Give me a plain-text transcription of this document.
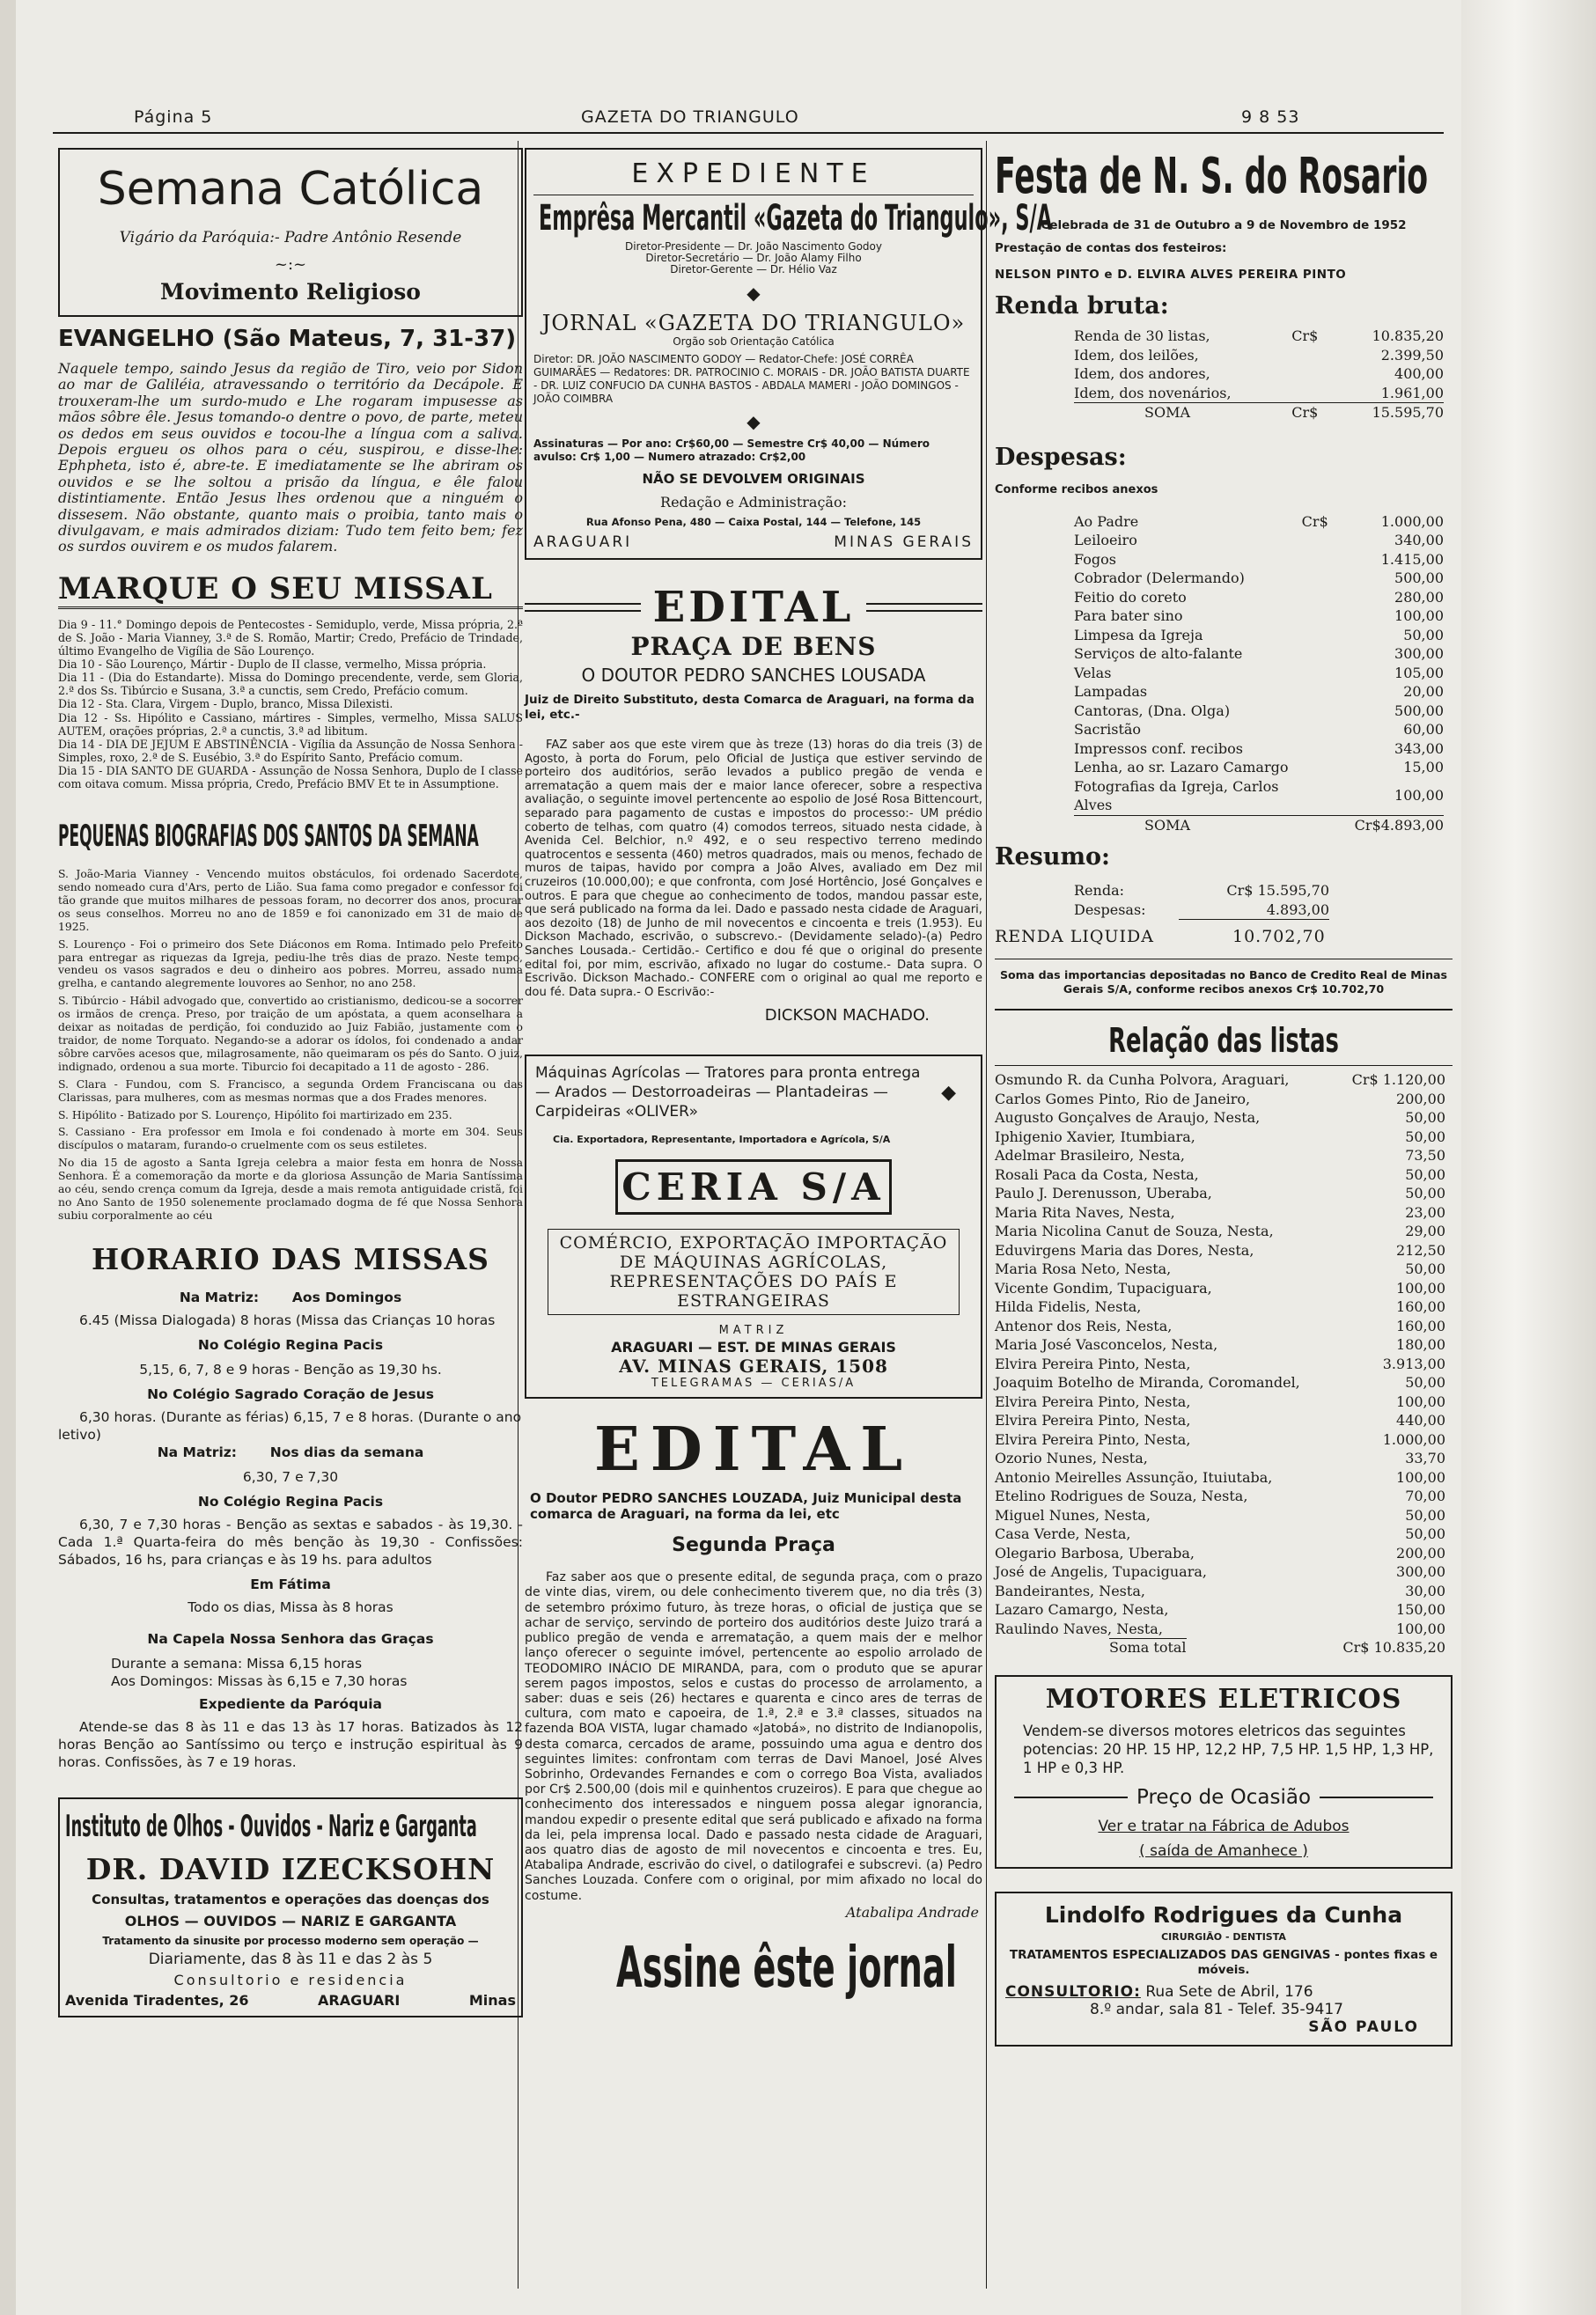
Página 5	GAZETA DO TRIANGULO	9 8 53
Semana Católica
Vigário da Paróquia:- Padre Antônio Resende
~:~
Movimento Religioso
EVANGELHO (São Mateus, 7, 31-37)

Naquele tempo, saindo Jesus da região de Tiro, veio por Sidon ao mar de Galiléia, atravessando o território da Decápole. E trouxeram-lhe um surdo-mudo e Lhe rogaram impusesse as mãos sôbre êle. Jesus tomando-o dentre o povo, de parte, meteu os dedos em seus ouvidos e tocou-lhe a língua com a saliva. Depois ergueu os olhos para o céu, suspirou, e disse-lhe: Ephpheta, isto é, abre-te. E imediatamente se lhe abriram os ouvidos e se lhe soltou a prisão da língua, e êle falou distintiamente. Então Jesus lhes ordenou que a ninguém o dissesem. Não obstante, quanto mais o proibia, tanto mais o divulgavam, e mais admirados diziam: Tudo tem feito bem; fez os surdos ouvirem e os mudos falarem.

MARQUE O SEU MISSAL

Dia 9 - 11.° Domingo depois de Pentecostes - Semiduplo, verde, Missa própria, 2.ª de S. João - Maria Vianney, 3.ª de S. Romão, Martir; Credo, Prefácio de Trindade, último Evangelho de Vigília de São Lourenço.

Dia 10 - São Lourenço, Mártir - Duplo de II classe, vermelho, Missa própria.

Dia 11 - (Dia do Estandarte). Missa do Domingo precendente, verde, sem Gloria, 2.ª dos Ss. Tibúrcio e Susana, 3.ª a cunctis, sem Credo, Prefácio comum.

Dia 12 - Sta. Clara, Virgem - Duplo, branco, Missa Dilexisti.

Dia 12 - Ss. Hipólito e Cassiano, mártires - Simples, vermelho, Missa SALUS AUTEM, orações próprias, 2.ª a cunctis, 3.ª ad libitum.

Dia 14 - DIA DE JEJUM E ABSTINÊNCIA - Vigília da Assunção de Nossa Senhora - Simples, roxo, 2.ª de S. Eusébio, 3.ª do Espírito Santo, Prefácio comum.

Dia 15 - DIA SANTO DE GUARDA - Assunção de Nossa Senhora, Duplo de I classe com oitava comum. Missa própria, Credo, Prefácio BMV Et te in Assumptione.

PEQUENAS BIOGRAFIAS DOS SANTOS DA SEMANA

S. João-Maria Vianney - Vencendo muitos obstáculos, foi ordenado Sacerdote, sendo nomeado cura d'Ars, perto de Lião. Sua fama como pregador e confessor foi tão grande que muitos milhares de pessoas foram, no decorrer dos anos, procurar os seus conselhos. Morreu no ano de 1859 e foi canonizado em 31 de maio de 1925.

S. Lourenço - Foi o primeiro dos Sete Diáconos em Roma. Intimado pelo Prefeito para entregar as riquezas da Igreja, pediu-lhe três dias de prazo. Neste tempo, vendeu os vasos sagrados e deu o dinheiro aos pobres. Morreu, assado numa grelha, e cantando alegremente louvores ao Senhor, no ano 258.

S. Tibúrcio - Hábil advogado que, convertido ao cristianismo, dedicou-se a socorrer os irmãos de crença. Preso, por traição de um apóstata, a quem aconselhara a deixar as noitadas de perdição, foi conduzido ao Juiz Fabião, justamente com o traidor, de nome Torquato. Negando-se a adorar os ídolos, foi condenado a andar sôbre carvões acesos que, milagrosamente, não queimaram os pés do Santo. O juiz, indignado, ordenou a sua morte. Tiburcio foi decapitado a 11 de agosto - 286.

S. Clara - Fundou, com S. Francisco, a segunda Ordem Franciscana ou das Clarissas, para mulheres, com as mesmas normas que a dos Frades menores.

S. Hipólito - Batizado por S. Lourenço, Hipólito foi martirizado em 235.

S. Cassiano - Era professor em Imola e foi condenado à morte em 304. Seus discípulos o mataram, furando-o cruelmente com os seus estiletes.

No dia 15 de agosto a Santa Igreja celebra a maior festa em honra de Nossa Senhora. É a comemoração da morte e da gloriosa Assunção de Maria Santíssima ao céu, sendo crença comum da Igreja, desde a mais remota antiguidade cristã, foi no Ano Santo de 1950 solenemente proclamado dogma de fé que Nossa Senhora subiu corporalmente ao céu

HORARIO DAS MISSAS
Na Matriz: Aos Domingos

6.45 (Missa Dialogada) 8 horas (Missa das Crianças 10 horas

No Colégio Regina Pacis

5,15, 6, 7, 8 e 9 horas - Benção as 19,30 hs.

No Colégio Sagrado Coração de Jesus

6,30 horas. (Durante as férias) 6,15, 7 e 8 horas. (Durante o ano letivo)

Na Matriz: Nos dias da semana

6,30, 7 e 7,30

No Colégio Regina Pacis

6,30, 7 e 7,30 horas - Benção as sextas e sabados - às 19,30. - Cada 1.ª Quarta-feira do mês benção às 19,30 - Confissões: Sábados, 16 hs, para crianças e às 19 hs. para adultos

Em Fátima

Todo os dias, Missa às 8 horas

Na Capela Nossa Senhora das Graças

Durante a semana: Missa 6,15 horas

Aos Domingos: Missas às 6,15 e 7,30 horas

Expediente da Paróquia

Atende-se das 8 às 11 e das 13 às 17 horas. Batizados às 12 horas Benção ao Santíssimo ou terço e instrução espiritual às 9 horas. Confissões, às 7 e 19 horas.

Instituto de Olhos - Ouvidos - Nariz e Garganta
DR. DAVID IZECKSOHN
Consultas, tratamentos e operações das doenças dos
OLHOS — OUVIDOS — NARIZ E GARGANTA
Tratamento da sinusite por processo moderno sem operação —
Diariamente, das 8 às 11 e das 2 às 5
Consultorio e residencia
Avenida Tiradentes, 26	ARAGUARI	Minas
EXPEDIENTE
Emprêsa Mercantil «Gazeta do Triangulo», S/A
Diretor-Presidente — Dr. João Nascimento Godoy
Diretor-Secretário — Dr. João Alamy Filho
Diretor-Gerente — Dr. Hélio Vaz
◆
JORNAL «GAZETA DO TRIANGULO»
Orgão sob Orientação Católica
Diretor: DR. JOÃO NASCIMENTO GODOY — Redator-Chefe: JOSÉ CORRÊA GUIMARÃES — Redatores: DR. PATROCINIO C. MORAIS - DR. JOÃO BATISTA DUARTE - DR. LUIZ CONFUCIO DA CUNHA BASTOS - ABDALA MAMERI - JOÃO DOMINGOS - JOÃO COIMBRA
◆
Assinaturas — Por ano: Cr$60,00 — Semestre Cr$ 40,00 — Número avulso: Cr$ 1,00 — Numero atrazado: Cr$2,00
NÃO SE DEVOLVEM ORIGINAIS
Redação e Administração:
Rua Afonso Pena, 480 — Caixa Postal, 144 — Telefone, 145
ARAGUARI	MINAS GERAIS
EDITAL
PRAÇA DE BENS
O DOUTOR PEDRO SANCHES LOUSADA
Juiz de Direito Substituto, desta Comarca de Araguari, na forma da lei, etc.-

FAZ saber aos que este virem que às treze (13) horas do dia treis (3) de Agosto, à porta do Forum, pelo Oficial de Justiça que estiver servindo de porteiro dos auditórios, serão levados a publico pregão de venda e arrematação a quem mais der e maior lance oferecer, sobre a respectiva avaliação, o seguinte imovel pertencente ao espolio de José Rosa Bittencourt, separado para pagamento de custas e impostos do processo:- UM prédio coberto de telhas, com quatro (4) comodos terreos, situado nesta cidade, à Avenida Cel. Belchior, n.º 492, e o seu respectivo terreno medindo quatrocentos e sessenta (460) metros quadrados, mais ou menos, fechado de muros de taipas, havido por compra a João Alves, avaliado em Dez mil cruzeiros (10.000,00); e que confronta, com José Hortêncio, José Gonçalves e outros. E para que chegue ao conhecimento de todos, mandou passar este, que será publicado na forma da lei. Dado e passado nesta cidade de Araguari, aos dezoito (18) de Junho de mil novecentos e cincoenta e treis (1.953). Eu Dickson Machado, escrivão, o subscrevo.- (Devidamente selado)-(a) Pedro Sanches Lousada.- Certidão.- Certifico e dou fé que o original do presente edital foi, por mim, escrivão, afixado no lugar do costume.- Data supra. O Escrivão. Dickson Machado.- CONFERE com o original ao qual me reporto e dou fé. Data supra.- O Escrivão:-

DICKSON MACHADO.

Máquinas Agrícolas — Tratores para pronta entrega — Arados — Destorroadeiras — Plantadeiras — Carpideiras «OLIVER»

◆
Cia. Exportadora, Representante, Importadora e Agrícola, S/A
CERIA S/A

COMÉRCIO, EXPORTAÇÃO IMPORTAÇÃO DE MÁQUINAS AGRÍCOLAS, REPRESENTAÇÕES DO PAÍS E ESTRANGEIRAS

MATRIZ
ARAGUARI — EST. DE MINAS GERAIS
AV. MINAS GERAIS, 1508
TELEGRAMAS — CERIAS/A
EDITAL

O Doutor PEDRO SANCHES LOUZADA, Juiz Municipal desta comarca de Araguari, na forma da lei, etc

Segunda Praça

Faz saber aos que o presente edital, de segunda praça, com o prazo de vinte dias, virem, ou dele conhecimento tiverem que, no dia três (3) de setembro próximo futuro, às treze horas, o oficial de justiça que se achar de serviço, servindo de porteiro dos auditórios deste Juizo trará a publico pregão de venda e arrematação, a quem mais der e melhor lanço oferecer o seguinte imóvel, pertencente ao espolio arrolado de TEODOMIRO INÁCIO DE MIRANDA, para, com o produto que se apurar serem pagos impostos, selos e custas do processo de arrolamento, a saber: duas e seis (26) hectares e quarenta e cinco ares de terras de cultura, com mato e capoeira, de 1.ª, 2.ª e 3.ª classes, situados na fazenda BOA VISTA, lugar chamado «Jatobá», no distrito de Indianopolis, desta comarca, cercados de arame, possuindo uma agua e dentro dos seguintes limites: confrontam com terras de Davi Manoel, José Alves Sobrinho, Ordevandes Fernandes e com o corrego Boa Vista, avaliados por Cr$ 2.500,00 (dois mil e quinhentos cruzeiros). E para que chegue ao conhecimento dos interessados e ninguem possa alegar ignorancia, mandou expedir o presente edital que será publicado e afixado na forma da lei, pela imprensa local. Dado e passado nesta cidade de Araguari, aos quatro dias de agosto de mil novecentos e cincoenta e tres. Eu, Atabalipa Andrade, escrivão do civel, o datilografei e subscrevi. (a) Pedro Sanches Louzada. Confere com o original, por mim afixado no local do costume.

Atabalipa Andrade
Assine êste jornal
Festa de N. S. do Rosario
Celebrada de 31 de Outubro a 9 de Novembro de 1952
Prestação de contas dos festeiros:
NELSON PINTO e D. ELVIRA ALVES PEREIRA PINTO
Renda bruta:
Renda de 30 listas,	Cr$	10.835,20
Idem, dos leilões,		2.399,50
Idem, dos andores,		400,00
Idem, dos novenários,		1.961,00
SOMA	Cr$	15.595,70
Despesas:
Conforme recibos anexos
Ao Padre	Cr$	1.000,00
Leiloeiro		340,00
Fogos		1.415,00
Cobrador (Delermando)		500,00
Feitio do coreto		280,00
Para bater sino		100,00
Limpesa da Igreja		50,00
Serviços de alto-falante		300,00
Velas		105,00
Lampadas		20,00
Cantoras, (Dna. Olga)		500,00
Sacristão		60,00
Impressos conf. recibos		343,00
Lenha, ao sr. Lazaro Camargo		15,00
Fotografias da Igreja, Carlos Alves		100,00
SOMA		Cr$4.893,00
Resumo:
Renda:	Cr$ 15.595,70
Despesas:	4.893,00
RENDA LIQUIDA	10.702,70

Soma das importancias depositadas no Banco de Credito Real de Minas Gerais S/A, conforme recibos anexos Cr$ 10.702,70

Relação das listas
Osmundo R. da Cunha Polvora, Araguari,	Cr$ 1.120,00
Carlos Gomes Pinto, Rio de Janeiro,	200,00
Augusto Gonçalves de Araujo, Nesta,	50,00
Iphigenio Xavier, Itumbiara,	50,00
Adelmar Brasileiro, Nesta,	73,50
Rosali Paca da Costa, Nesta,	50,00
Paulo J. Derenusson, Uberaba,	50,00
Maria Rita Naves, Nesta,	23,00
Maria Nicolina Canut de Souza, Nesta,	29,00
Eduvirgens Maria das Dores, Nesta,	212,50
Maria Rosa Neto, Nesta,	50,00
Vicente Gondim, Tupaciguara,	100,00
Hilda Fidelis, Nesta,	160,00
Antenor dos Reis, Nesta,	160,00
Maria José Vasconcelos, Nesta,	180,00
Elvira Pereira Pinto, Nesta,	3.913,00
Joaquim Botelho de Miranda, Coromandel,	50,00
Elvira Pereira Pinto, Nesta,	100,00
Elvira Pereira Pinto, Nesta,	440,00
Elvira Pereira Pinto, Nesta,	1.000,00
Ozorio Nunes, Nesta,	33,70
Antonio Meirelles Assunção, Ituiutaba,	100,00
Etelino Rodrigues de Souza, Nesta,	70,00
Miguel Nunes, Nesta,	50,00
Casa Verde, Nesta,	50,00
Olegario Barbosa, Uberaba,	200,00
José de Angelis, Tupaciguara,	300,00
Bandeirantes, Nesta,	30,00
Lazaro Camargo, Nesta,	150,00
Raulindo Naves, Nesta,	100,00
Soma total	Cr$ 10.835,20
MOTORES ELETRICOS

Vendem-se diversos motores eletricos das seguintes potencias: 20 HP. 15 HP, 12,2 HP, 7,5 HP. 1,5 HP, 1,3 HP, 1 HP e 0,3 HP.

Preço de Ocasião
Ver e tratar na Fábrica de Adubos
( saída de Amanhece )
Lindolfo Rodrigues da Cunha
CIRURGIÃO - DENTISTA

TRATAMENTOS ESPECIALIZADOS DAS GENGIVAS - pontes fixas e móveis.

CONSULTORIO: Rua Sete de Abril, 176
8.º andar, sala 81 - Telef. 35-9417
SÃO PAULO
